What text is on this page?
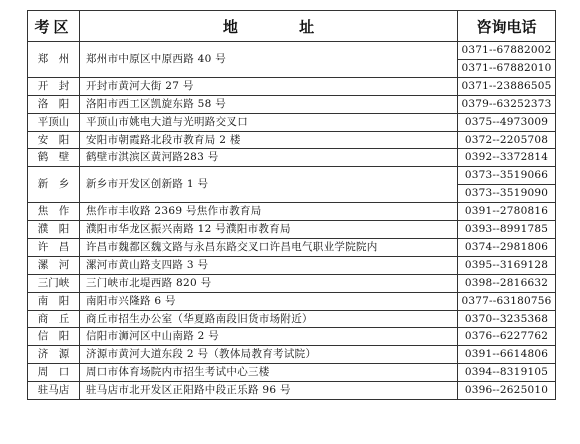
考区	地 址	咨询电话
郑　州	郑州市中原区中原西路 40 号	0371--67882002
0371--67882010

开　封	开封市黄河大街 27 号	0371--23886505

洛　阳	洛阳市西工区凯旋东路 58 号	0379--63252373

平顶山	平顶山市姚电大道与光明路交叉口	0375--4973009

安　阳	安阳市朝霞路北段市教育局 2 楼	0372--2205708

鹤　壁	鹤壁市淇滨区黄河路283 号	0392--3372814

新　乡	新乡市开发区创新路 1 号	0373--3519066
0373--3519090

焦　作	焦作市丰收路 2369 号焦作市教育局	0391--2780816

濮　阳	濮阳市华龙区振兴南路 12 号濮阳市教育局	0393--8991785

许　昌	许昌市魏都区魏文路与永昌东路交叉口许昌电气职业学院院内	0374--2981806

漯　河	漯河市黄山路支四路 3 号	0395--3169128

三门峡	三门峡市北堤西路 820 号	0398--2816632

南　阳	南阳市兴隆路 6 号	0377--63180756

商　丘	商丘市招生办公室（华夏路南段旧货市场附近）	0370--3235368

信　阳	信阳市浉河区中山南路 2 号	0376--6227762

济　源	济源市黄河大道东段 2 号（教体局教育考试院）	0391--6614806

周　口	周口市体育场院内市招生考试中心三楼	0394--8319105

驻马店	驻马店市北开发区正阳路中段正乐路 96 号	0396--2625010
